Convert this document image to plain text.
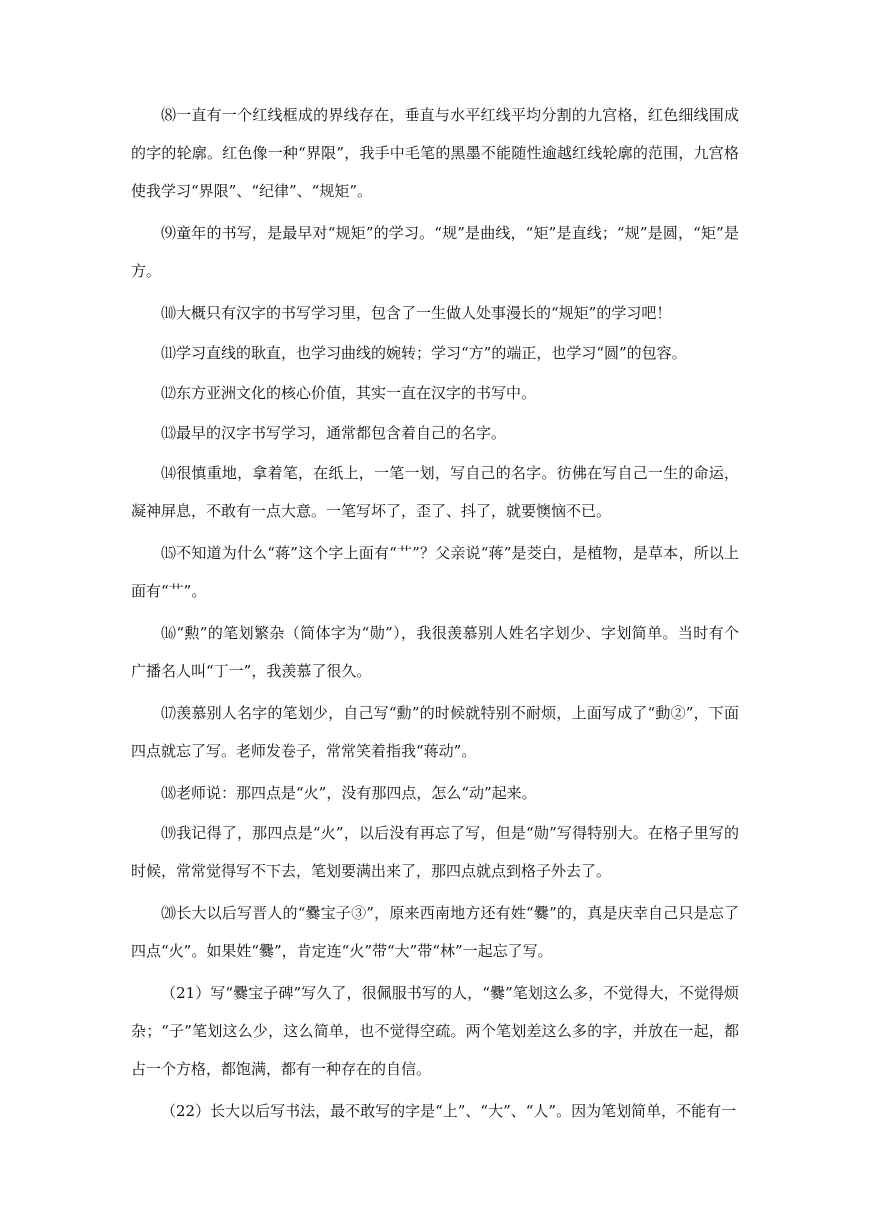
⑻一直有一个红线框成的界线存在，垂直与水平红线平均分割的九宫格，红色细线围成的字的轮廓。红色像一种“界限”，我手中毛笔的黑墨不能随性逾越红线轮廓的范围，九宫格使我学习“界限”、“纪律”、“规矩”。

⑼童年的书写，是最早对“规矩”的学习。“规”是曲线，“矩”是直线；“规”是圆，“矩”是方。

⑽大概只有汉字的书写学习里，包含了一生做人处事漫长的“规矩”的学习吧！

⑾学习直线的耿直，也学习曲线的婉转；学习“方”的端正，也学习“圆”的包容。

⑿东方亚洲文化的核心价值，其实一直在汉字的书写中。

⒀最早的汉字书写学习，通常都包含着自己的名字。

⒁很慎重地，拿着笔，在纸上，一笔一划，写自己的名字。彷佛在写自己一生的命运，凝神屏息，不敢有一点大意。一笔写坏了，歪了、抖了，就要懊恼不已。

⒂不知道为什么“蒋”这个字上面有“艹”？父亲说“蒋”是茭白，是植物，是草本，所以上面有“艹”。

⒃“勲”的笔划繁杂（简体字为“勋”），我很羡慕别人姓名字划少、字划简单。当时有个广播名人叫“丁一”，我羡慕了很久。

⒄羡慕别人名字的笔划少，自己写“勳”的时候就特别不耐烦，上面写成了“動②”，下面四点就忘了写。老师发卷子，常常笑着指我“蒋动”。

⒅老师说：那四点是“火”，没有那四点，怎么“动”起来。

⒆我记得了，那四点是“火”，以后没有再忘了写，但是“勋”写得特别大。在格子里写的时候，常常觉得写不下去，笔划要满出来了，那四点就点到格子外去了。

⒇长大以后写晋人的“爨宝子③”，原来西南地方还有姓“爨”的，真是庆幸自己只是忘了四点“火”。如果姓“爨”，肯定连“火”带“大”带“林”一起忘了写。

（21）写“爨宝子碑”写久了，很佩服书写的人，“爨”笔划这么多，不觉得大，不觉得烦杂；“子”笔划这么少，这么简单，也不觉得空疏。两个笔划差这么多的字，并放在一起，都占一个方格，都饱满，都有一种存在的自信。

（22）长大以后写书法，最不敢写的字是“上”、“大”、“人”。因为笔划简单，不能有一
